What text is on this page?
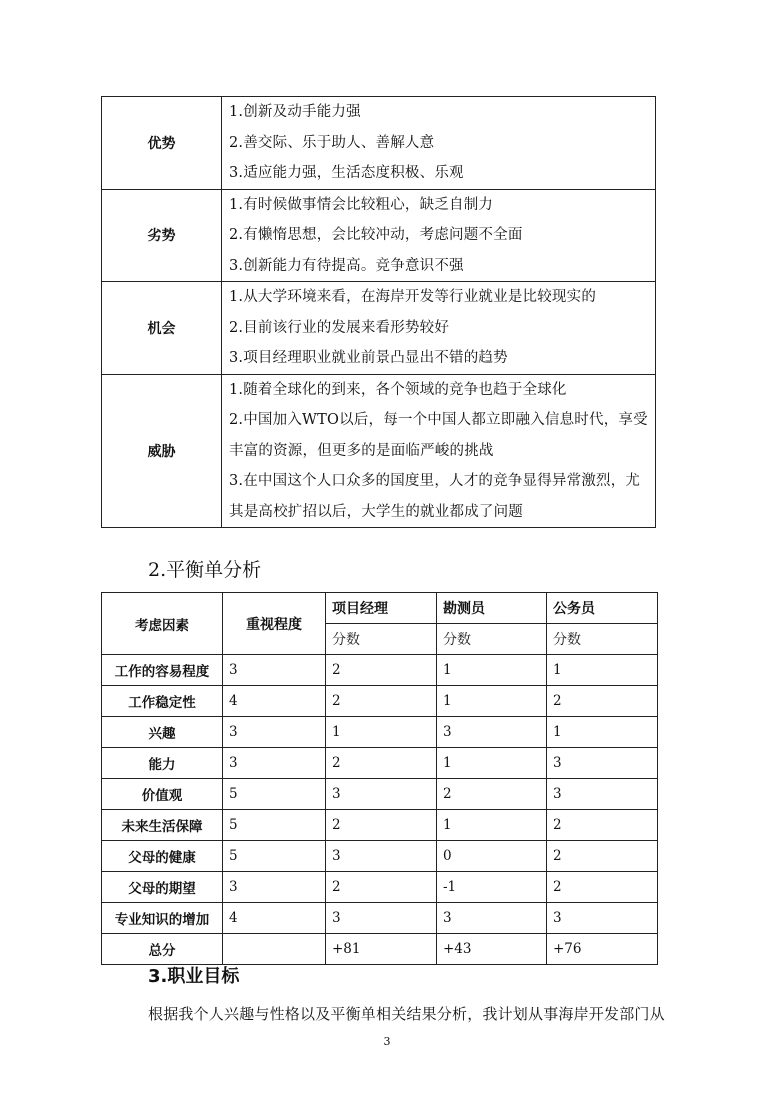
优势	1.创新及动手能力强
2.善交际、乐于助人、善解人意
3.适应能力强，生活态度积极、乐观

劣势	1.有时候做事情会比较粗心，缺乏自制力
2.有懒惰思想，会比较冲动，考虑问题不全面
3.创新能力有待提高。竞争意识不强

机会	1.从大学环境来看，在海岸开发等行业就业是比较现实的
2.目前该行业的发展来看形势较好
3.项目经理职业就业前景凸显出不错的趋势

威胁	1.随着全球化的到来，各个领域的竞争也趋于全球化
2.中国加入WTO以后，每一个中国人都立即融入信息时代，享受丰富的资源，但更多的是面临严峻的挑战
3.在中国这个人口众多的国度里，人才的竞争显得异常激烈，尤其是高校扩招以后，大学生的就业都成了问题
2.平衡单分析
考虑因素	重视程度	项目经理	勘测员	公务员
		分数	分数	分数
工作的容易程度	3	2	1	1
工作稳定性	4	2	1	2
兴趣	3	1	3	1
能力	3	2	1	3
价值观	5	3	2	3
未来生活保障	5	2	1	2
父母的健康	5	3	0	2
父母的期望	3	2	-1	2
专业知识的增加	4	3	3	3
总分		+81	+43	+76
3.职业目标
根据我个人兴趣与性格以及平衡单相关结果分析，我计划从事海岸开发部门从
3
